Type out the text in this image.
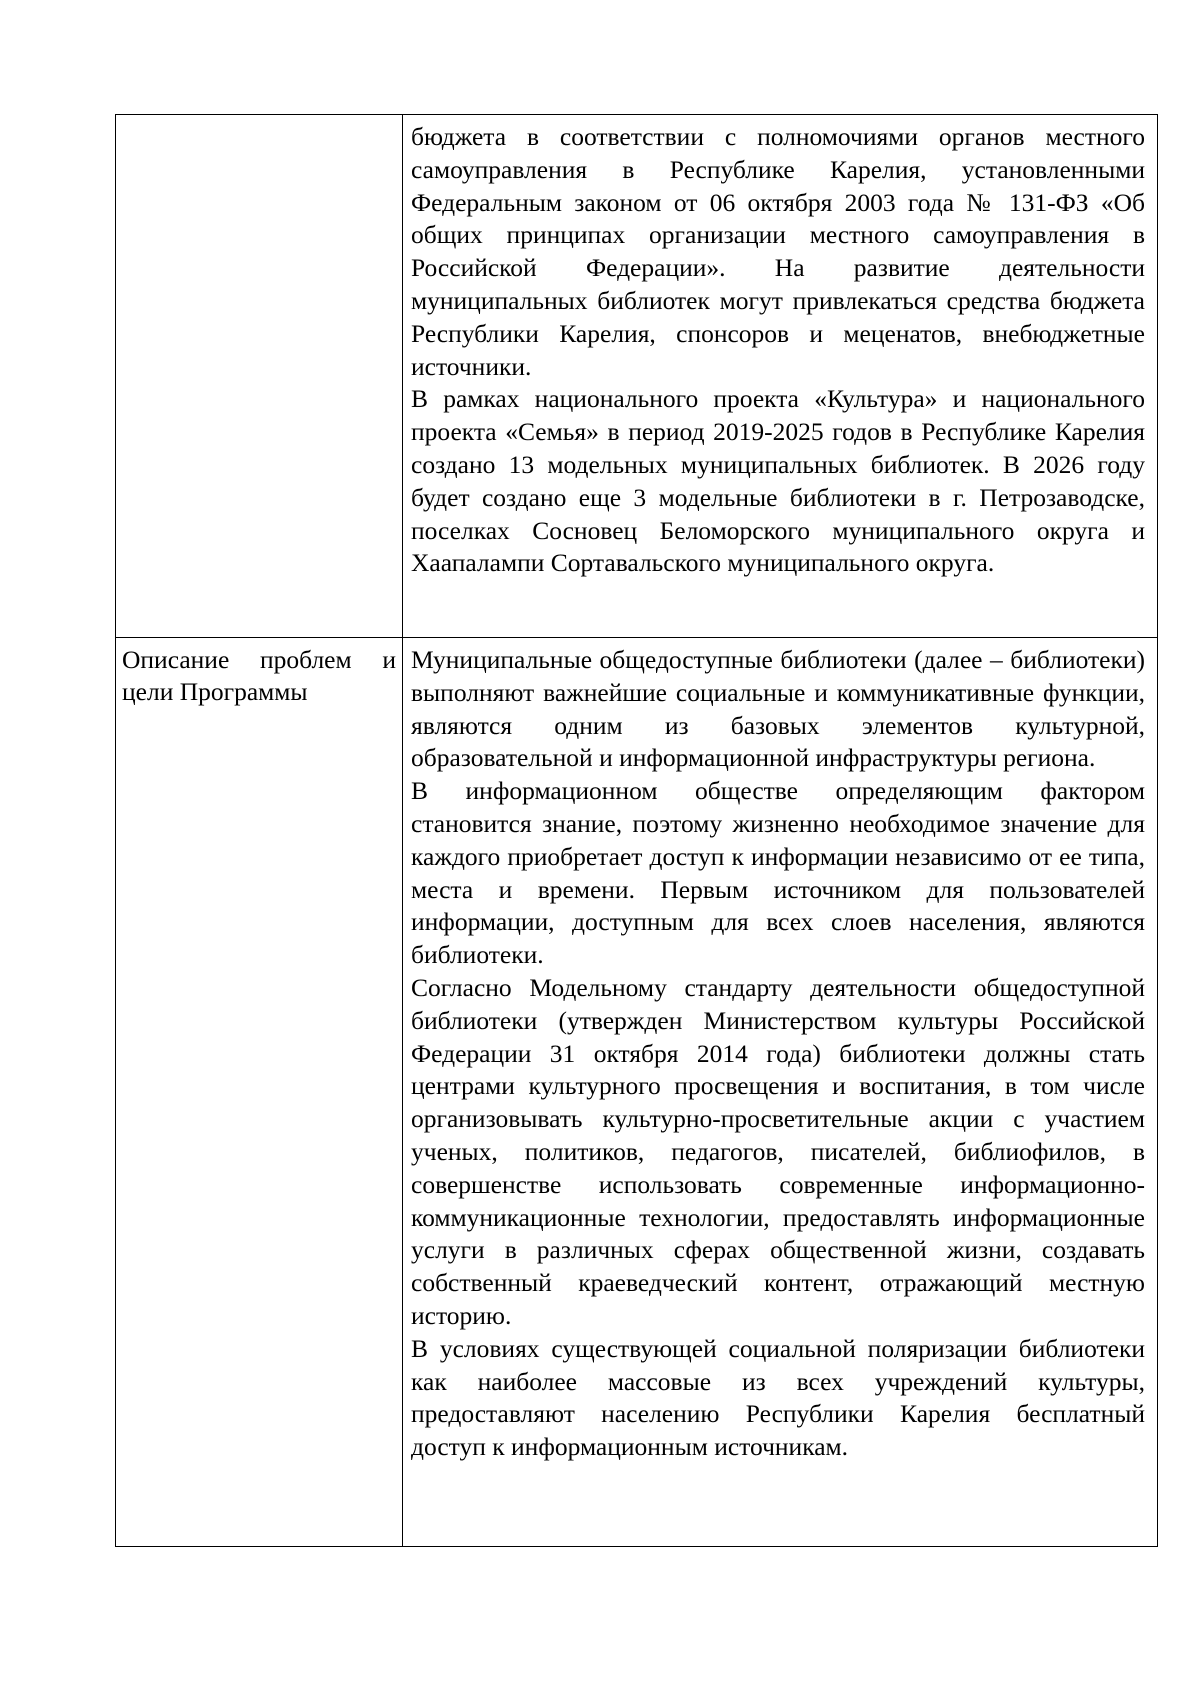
	бюджета в соответствии с полномочиями органов местного самоуправления в Республике Карелия, установленными Федеральным законом от 06 октября 2003 года № 131-ФЗ «Об общих принципах организации местного самоуправления в Российской Федерации». На развитие деятельности муниципальных библиотек могут привлекаться средства бюджета Республики Карелия, спонсоров и меценатов, внебюджетные источники.

В рамках национального проекта «Культура» и национального проекта «Семья» в период 2019-2025 годов в Республике Карелия создано 13 модельных муниципальных библиотек. В 2026 году будет создано еще 3 модельные библиотеки в г. Петрозаводске, поселках Сосновец Беломорского муниципального округа и Хаапалампи Сортавальского муниципального округа.

Описание проблем и цели Программы	Муниципальные общедоступные библиотеки (далее – библиотеки) выполняют важнейшие социальные и коммуникативные функции, являются одним из базовых элементов культурной, образовательной и информационной инфраструктуры региона.

В информационном обществе определяющим фактором становится знание, поэтому жизненно необходимое значение для каждого приобретает доступ к информации независимо от ее типа, места и времени. Первым источником для пользователей информации, доступным для всех слоев населения, являются библиотеки.

Согласно Модельному стандарту деятельности общедоступной библиотеки (утвержден Министерством культуры Российской Федерации 31 октября 2014 года) библиотеки должны стать центрами культурного просвещения и воспитания, в том числе организовывать культурно-просветительные акции с участием ученых, политиков, педагогов, писателей, библиофилов, в совершенстве использовать современные информационно-коммуникационные технологии, предоставлять информационные услуги в различных сферах общественной жизни, создавать собственный краеведческий контент, отражающий местную историю.

В условиях существующей социальной поляризации библиотеки как наиболее массовые из всех учреждений культуры, предоставляют населению Республики Карелия бесплатный доступ к информационным источникам.
